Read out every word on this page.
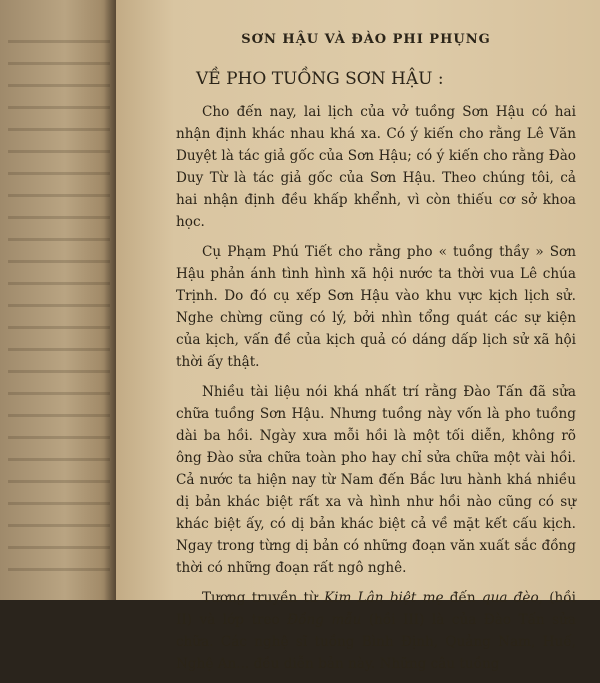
SƠN HẬU VÀ ĐÀO PHI PHỤNG
VỀ PHO TUỒNG SƠN HẬU :

Cho đến nay, lai lịch của vở tuồng Sơn Hậu có hai nhận định khác nhau khá xa. Có ý kiến cho rằng Lê Văn Duyệt là tác giả gốc của Sơn Hậu; có ý kiến cho rằng Đào Duy Từ là tác giả gốc của Sơn Hậu. Theo chúng tôi, cả hai nhận định đều khấp khểnh, vì còn thiếu cơ sở khoa học.

Cụ Phạm Phú Tiết cho rằng pho « tuồng thầy » Sơn Hậu phản ánh tình hình xã hội nước ta thời vua Lê chúa Trịnh. Do đó cụ xếp Sơn Hậu vào khu vực kịch lịch sử. Nghe chừng cũng có lý, bởi nhìn tổng quát các sự kiện của kịch, vấn đề của kịch quả có dáng dấp lịch sử xã hội thời ấy thật.

Nhiều tài liệu nói khá nhất trí rằng Đào Tấn đã sửa chữa tuồng Sơn Hậu. Nhưng tuồng này vốn là pho tuồng dài ba hồi. Ngày xưa mỗi hồi là một tối diễn, không rõ ông Đào sửa chữa toàn pho hay chỉ sửa chữa một vài hồi. Cả nước ta hiện nay từ Nam đến Bắc lưu hành khá nhiều dị bản khác biệt rất xa và hình như hồi nào cũng có sự khác biệt ấy, có dị bản khác biệt cả về mặt kết cấu kịch. Ngay trong từng dị bản có những đoạn văn xuất sắc đồng thời có những đoạn rất ngô nghê.

Tương truyền từ Kim Lân biệt mẹ đến qua đèo, (hồi II) và lớp treo Đồng mẫu (hồi III) là của Đào Tấn sửa chữa. Các nghệ sĩ tuồng Bình Định, Quảng Nam, Huế, Nghệ An... đều diễn bản này. Những câu tuồng
